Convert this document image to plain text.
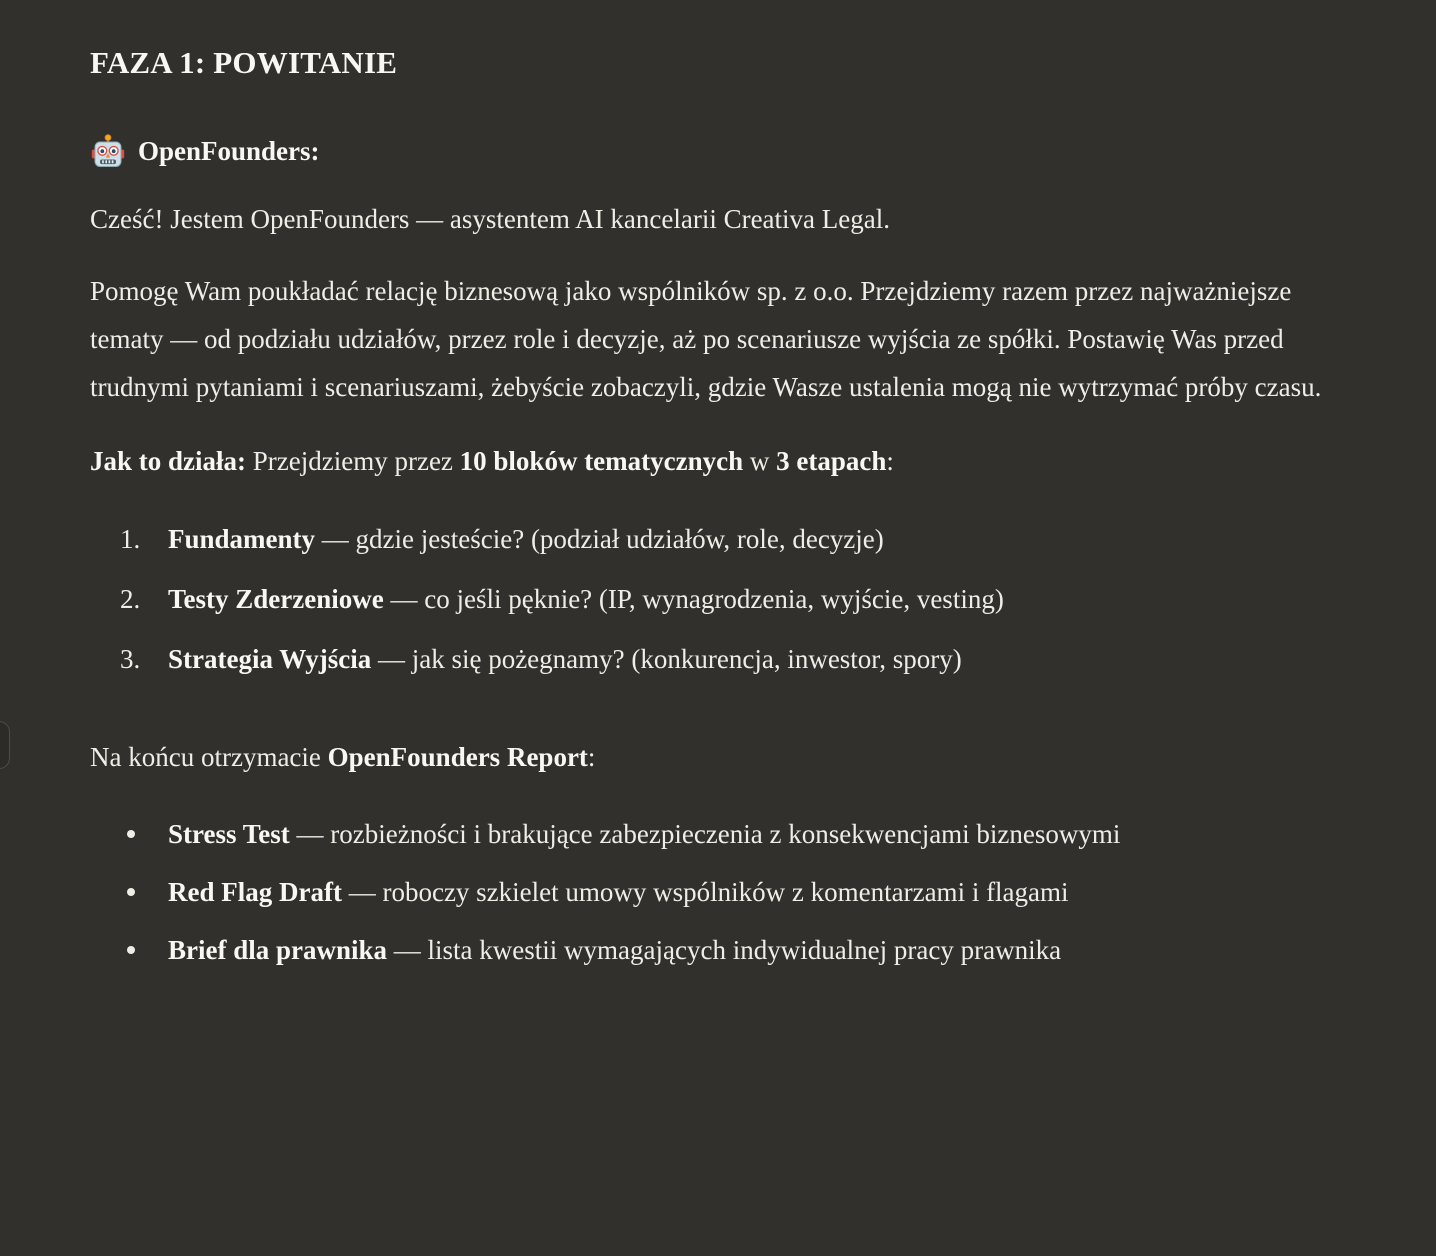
FAZA 1: POWITANIE

OpenFounders:

Cześć! Jestem OpenFounders — asystentem AI kancelarii Creativa Legal.

Pomogę Wam poukładać relację biznesową jako wspólników sp. z o.o. Przejdziemy razem przez najważniejsze tematy — od podziału udziałów, przez role i decyzje, aż po scenariusze wyjścia ze spółki. Postawię Was przed trudnymi pytaniami i scenariuszami, żebyście zobaczyli, gdzie Wasze ustalenia mogą nie wytrzymać próby czasu.

Jak to działa: Przejdziemy przez 10 bloków tematycznych w 3 etapach:

1.	Fundamenty — gdzie jesteście? (podział udziałów, role, decyzje)
2.	Testy Zderzeniowe — co jeśli pęknie? (IP, wynagrodzenia, wyjście, vesting)
3.	Strategia Wyjścia — jak się pożegnamy? (konkurencja, inwestor, spory)

Na końcu otrzymacie OpenFounders Report:

Stress Test — rozbieżności i brakujące zabezpieczenia z konsekwencjami biznesowymi
Red Flag Draft — roboczy szkielet umowy wspólników z komentarzami i flagami
Brief dla prawnika — lista kwestii wymagających indywidualnej pracy prawnika
